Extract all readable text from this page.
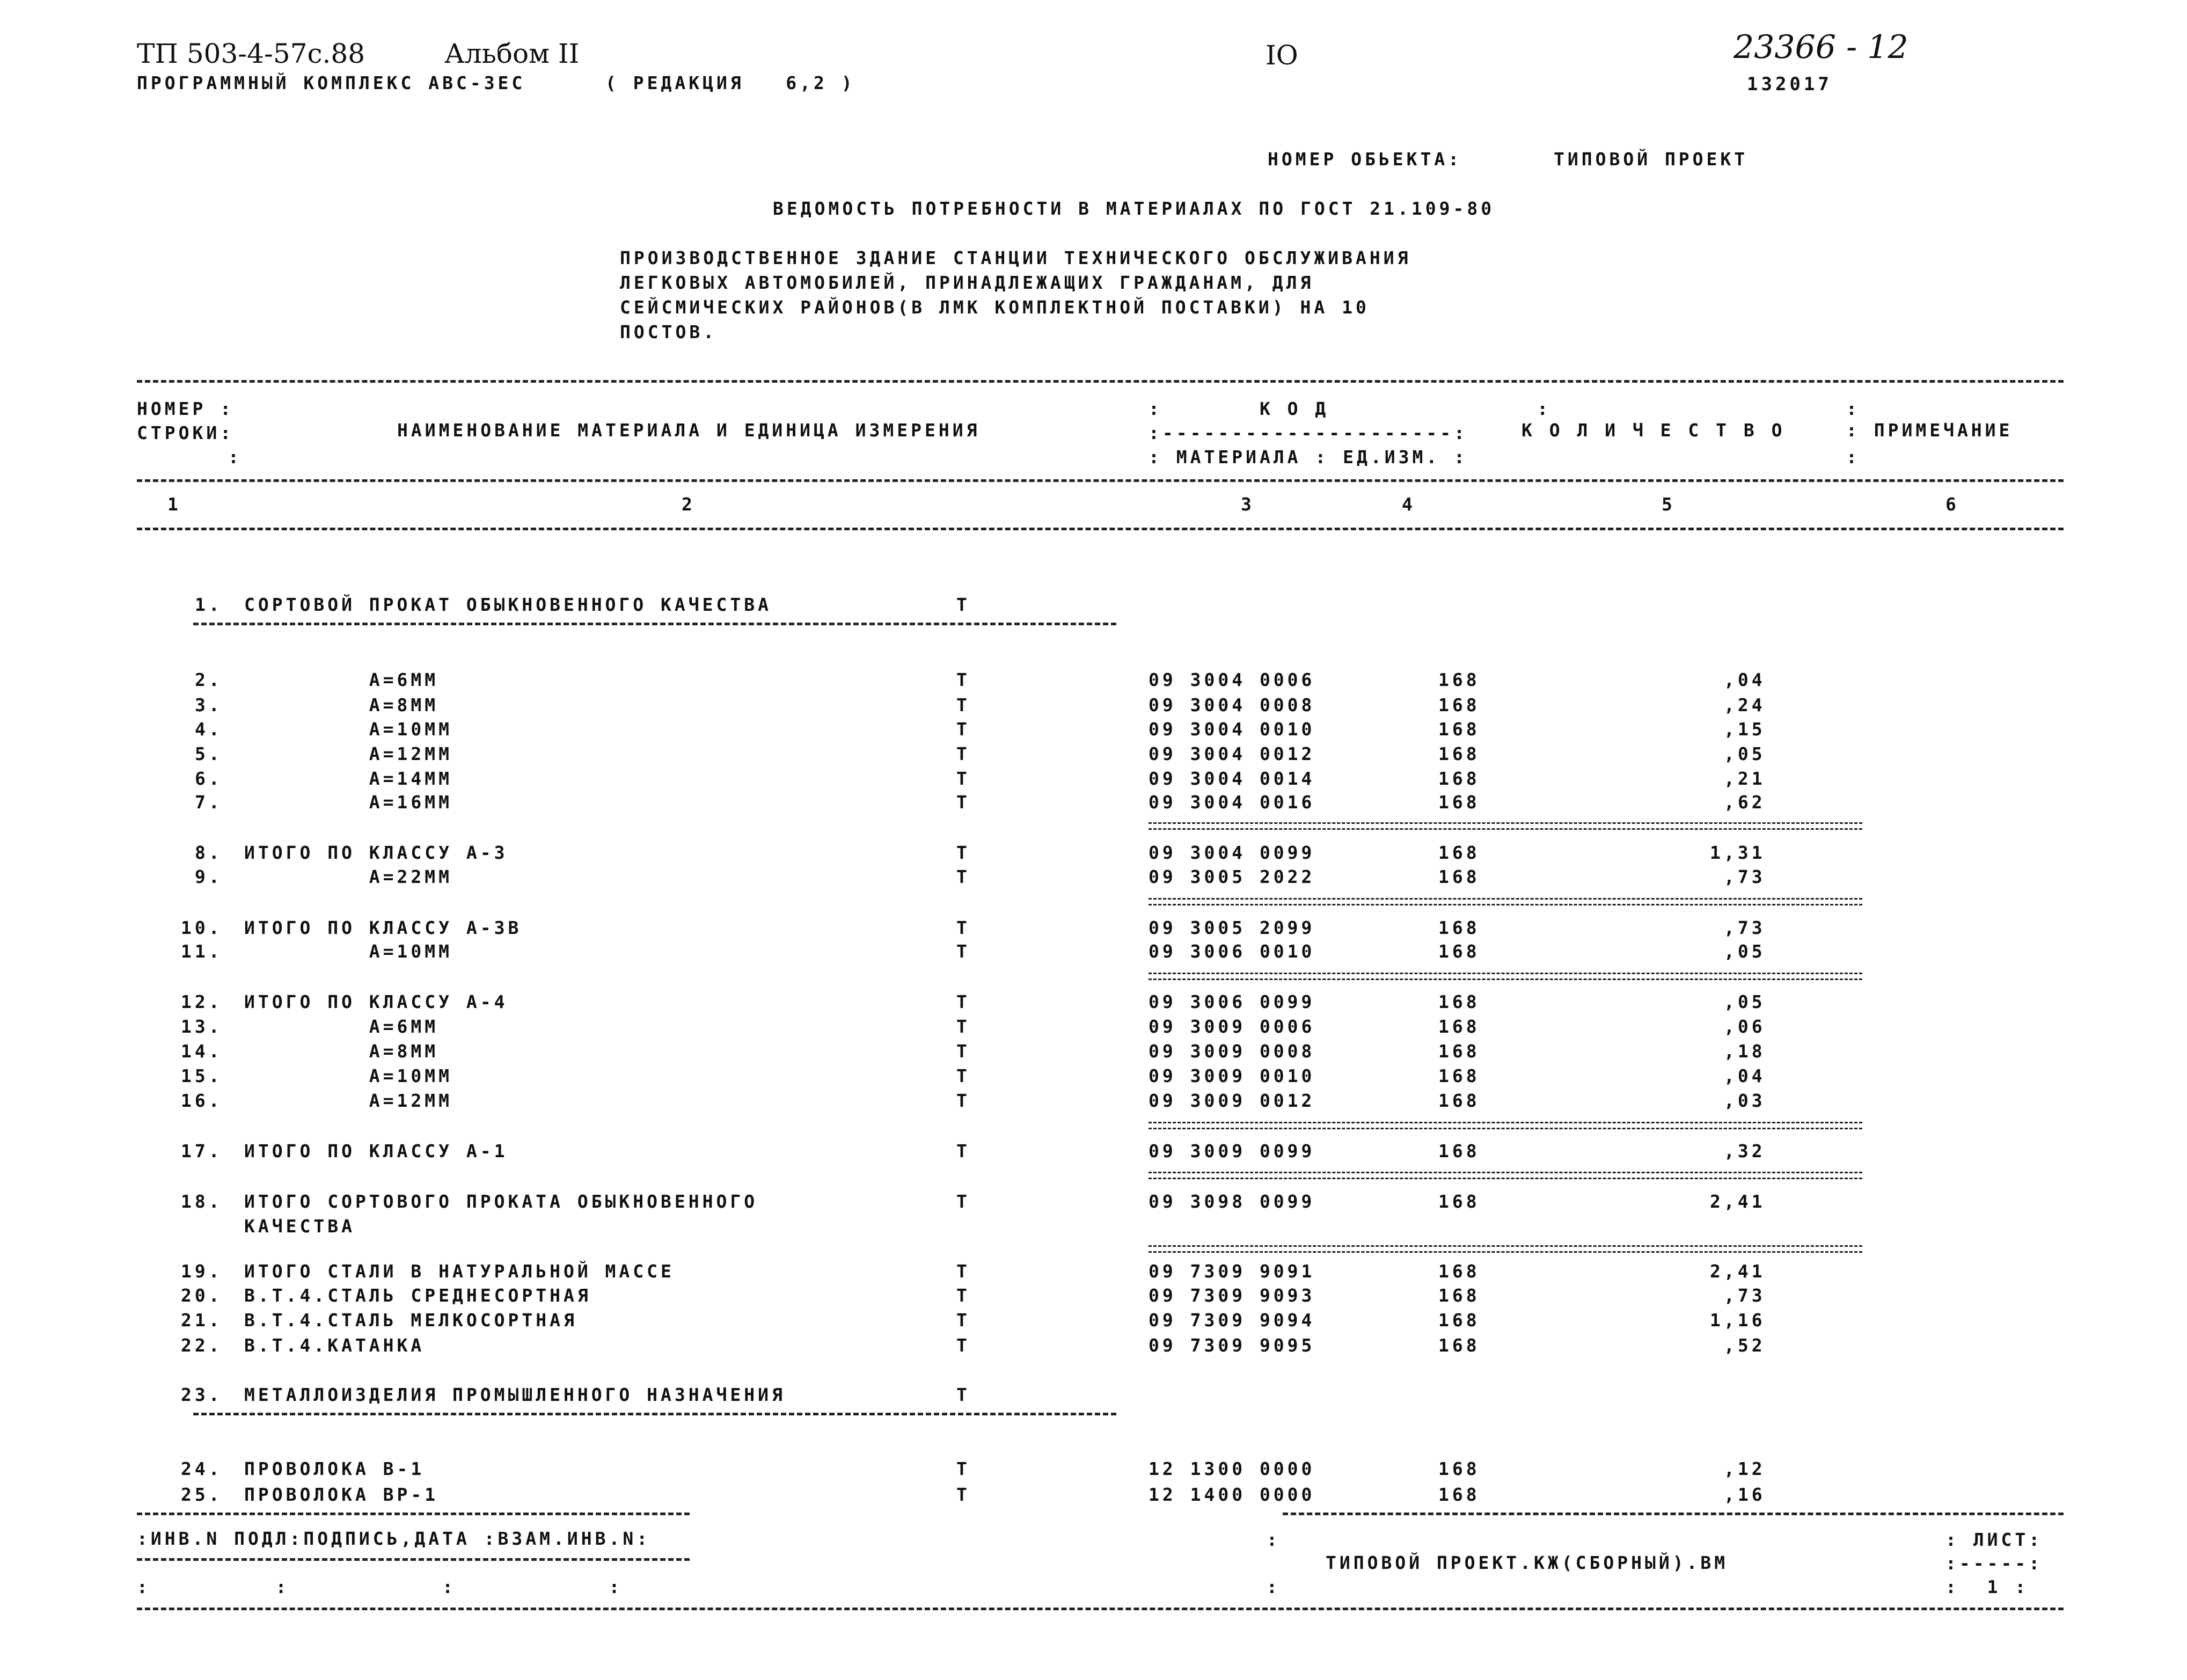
ТП 503-4-57с.88	Альбом II
ПРОГРАММНЫЙ КОМПЛЕКС АВС-3ЕС	( РЕДАКЦИЯ   6,2 )
IO	23366 - 12
132017
НОМЕР ОБЬЕКТА:	ТИПОВОЙ ПРОЕКТ
ВЕДОМОСТЬ ПОТРЕБНОСТИ В МАТЕРИАЛАХ ПО ГОСТ 21.109-80
ПРОИЗВОДСТВЕННОЕ ЗДАНИЕ СТАНЦИИ ТЕХНИЧЕСКОГО ОБСЛУЖИВАНИЯ
ЛЕГКОВЫХ АВТОМОБИЛЕЙ, ПРИНАДЛЕЖАЩИХ ГРАЖДАНАМ, ДЛЯ
СЕЙСМИЧЕСКИХ РАЙОНОВ(В ЛМК КОМПЛЕКТНОЙ ПОСТАВКИ) НА 10
ПОСТОВ.
НОМЕР :
СТРОКИ:
:
НАИМЕНОВАНИЕ МАТЕРИАЛА И ЕДИНИЦА ИЗМЕРЕНИЯ
:       К О Д               :
:---------------------:
: МАТЕРИАЛА : ЕД.ИЗМ. :
К О Л И Ч Е С Т В О	: ПРИМЕЧАНИЕ
:
:
1	2	3	4	5	6
1. СОРТОВОЙ ПРОКАТ ОБЫКНОВЕННОГО КАЧЕСТВА	Т
2. А=6ММ	Т	09 3004 0006	168	,04
3. А=8ММ	Т	09 3004 0008	168	,24
4. А=10ММ	Т	09 3004 0010	168	,15
5. А=12ММ	Т	09 3004 0012	168	,05
6. А=14ММ	Т	09 3004 0014	168	,21
7. А=16ММ	Т	09 3004 0016	168	,62
8. ИТОГО ПО КЛАССУ А-3	Т	09 3004 0099	168	1,31
9. А=22ММ	Т	09 3005 2022	168	,73
10. ИТОГО ПО КЛАССУ А-3В	Т	09 3005 2099	168	,73
11. А=10ММ	Т	09 3006 0010	168	,05
12. ИТОГО ПО КЛАССУ А-4	Т	09 3006 0099	168	,05
13. А=6ММ	Т	09 3009 0006	168	,06
14. А=8ММ	Т	09 3009 0008	168	,18
15. А=10ММ	Т	09 3009 0010	168	,04
16. А=12ММ	Т	09 3009 0012	168	,03
17. ИТОГО ПО КЛАССУ А-1	Т	09 3009 0099	168	,32
18. ИТОГО СОРТОВОГО ПРОКАТА ОБЫКНОВЕННОГО
КАЧЕСТВА
Т	09 3098 0099	168	2,41
19. ИТОГО СТАЛИ В НАТУРАЛЬНОЙ МАССЕ	Т	09 7309 9091	168	2,41
20. В.Т.4.СТАЛЬ СРЕДНЕСОРТНАЯ	Т	09 7309 9093	168	,73
21. В.Т.4.СТАЛЬ МЕЛКОСОРТНАЯ	Т	09 7309 9094	168	1,16
22. В.Т.4.КАТАНКА	Т	09 7309 9095	168	,52
23. МЕТАЛЛОИЗДЕЛИЯ ПРОМЫШЛЕННОГО НАЗНАЧЕНИЯ	Т
24. ПРОВОЛОКА В-1	Т	12 1300 0000	168	,12
25. ПРОВОЛОКА ВР-1	Т	12 1400 0000	168	,16
:ИНВ.N ПОДЛ:ПОДПИСЬ,ДАТА :ВЗАМ.ИНВ.N:
:         :           :           :
:
:
ТИПОВОЙ ПРОЕКТ.КЖ(СБОРНЫЙ).ВМ
: ЛИСТ:
:-----:
:  1 :
